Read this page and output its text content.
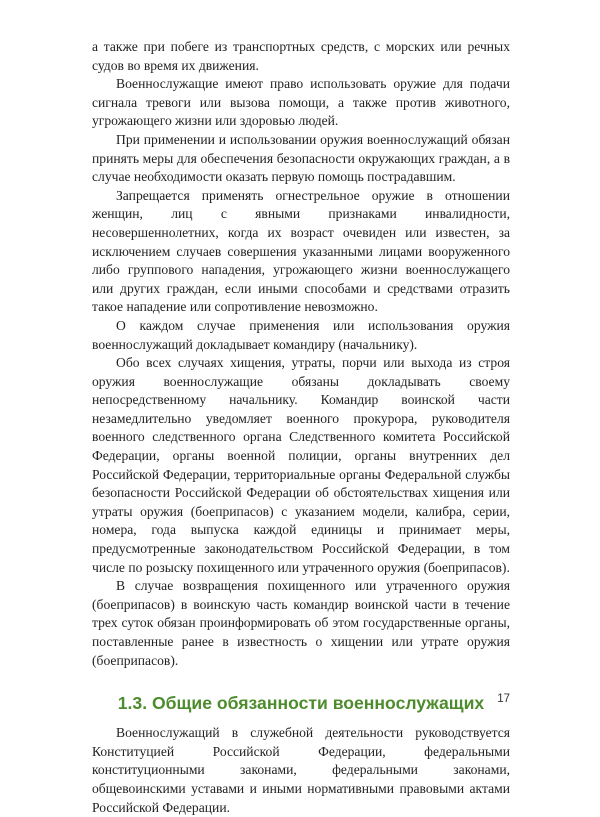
а также при побеге из транспортных средств, с морских или речных судов во время их движения.

Военнослужащие имеют право использовать оружие для подачи сигнала тревоги или вызова помощи, а также против животного, угрожающего жизни или здоровью людей.

При применении и использовании оружия военнослужащий обязан принять меры для обеспечения безопасности окружающих граждан, а в случае необходимости оказать первую помощь пострадавшим.

Запрещается применять огнестрельное оружие в отношении женщин, лиц с явными признаками инвалидности, несовершеннолетних, когда их возраст очевиден или известен, за исключением случаев совершения указанными лицами вооруженного либо группового нападения, угрожающего жизни военнослужащего или других граждан, если иными способами и средствами отразить такое нападение или сопротивление невозможно.

О каждом случае применения или использования оружия военнослужащий докладывает командиру (начальнику).

Обо всех случаях хищения, утраты, порчи или выхода из строя оружия военнослужащие обязаны докладывать своему непосредственному начальнику. Командир воинской части незамедлительно уведомляет военного прокурора, руководителя военного следственного органа Следственного комитета Российской Федерации, органы военной полиции, органы внутренних дел Российской Федерации, территориальные органы Федеральной службы безопасности Российской Федерации об обстоятельствах хищения или утраты оружия (боеприпасов) с указанием модели, калибра, серии, номера, года выпуска каждой единицы и принимает меры, предусмотренные законодательством Российской Федерации, в том числе по розыску похищенного или утраченного оружия (боеприпасов).

В случае возвращения похищенного или утраченного оружия (боеприпасов) в воинскую часть командир воинской части в течение трех суток обязан проинформировать об этом государственные органы, поставленные ранее в известность о хищении или утрате оружия (боеприпасов).

1.3. Общие обязанности военнослужащих

Военнослужащий в служебной деятельности руководствуется Конституцией Российской Федерации, федеральными конституционными законами, федеральными законами, общевоинскими уставами и иными нормативными правовыми актами Российской Федерации.

17
